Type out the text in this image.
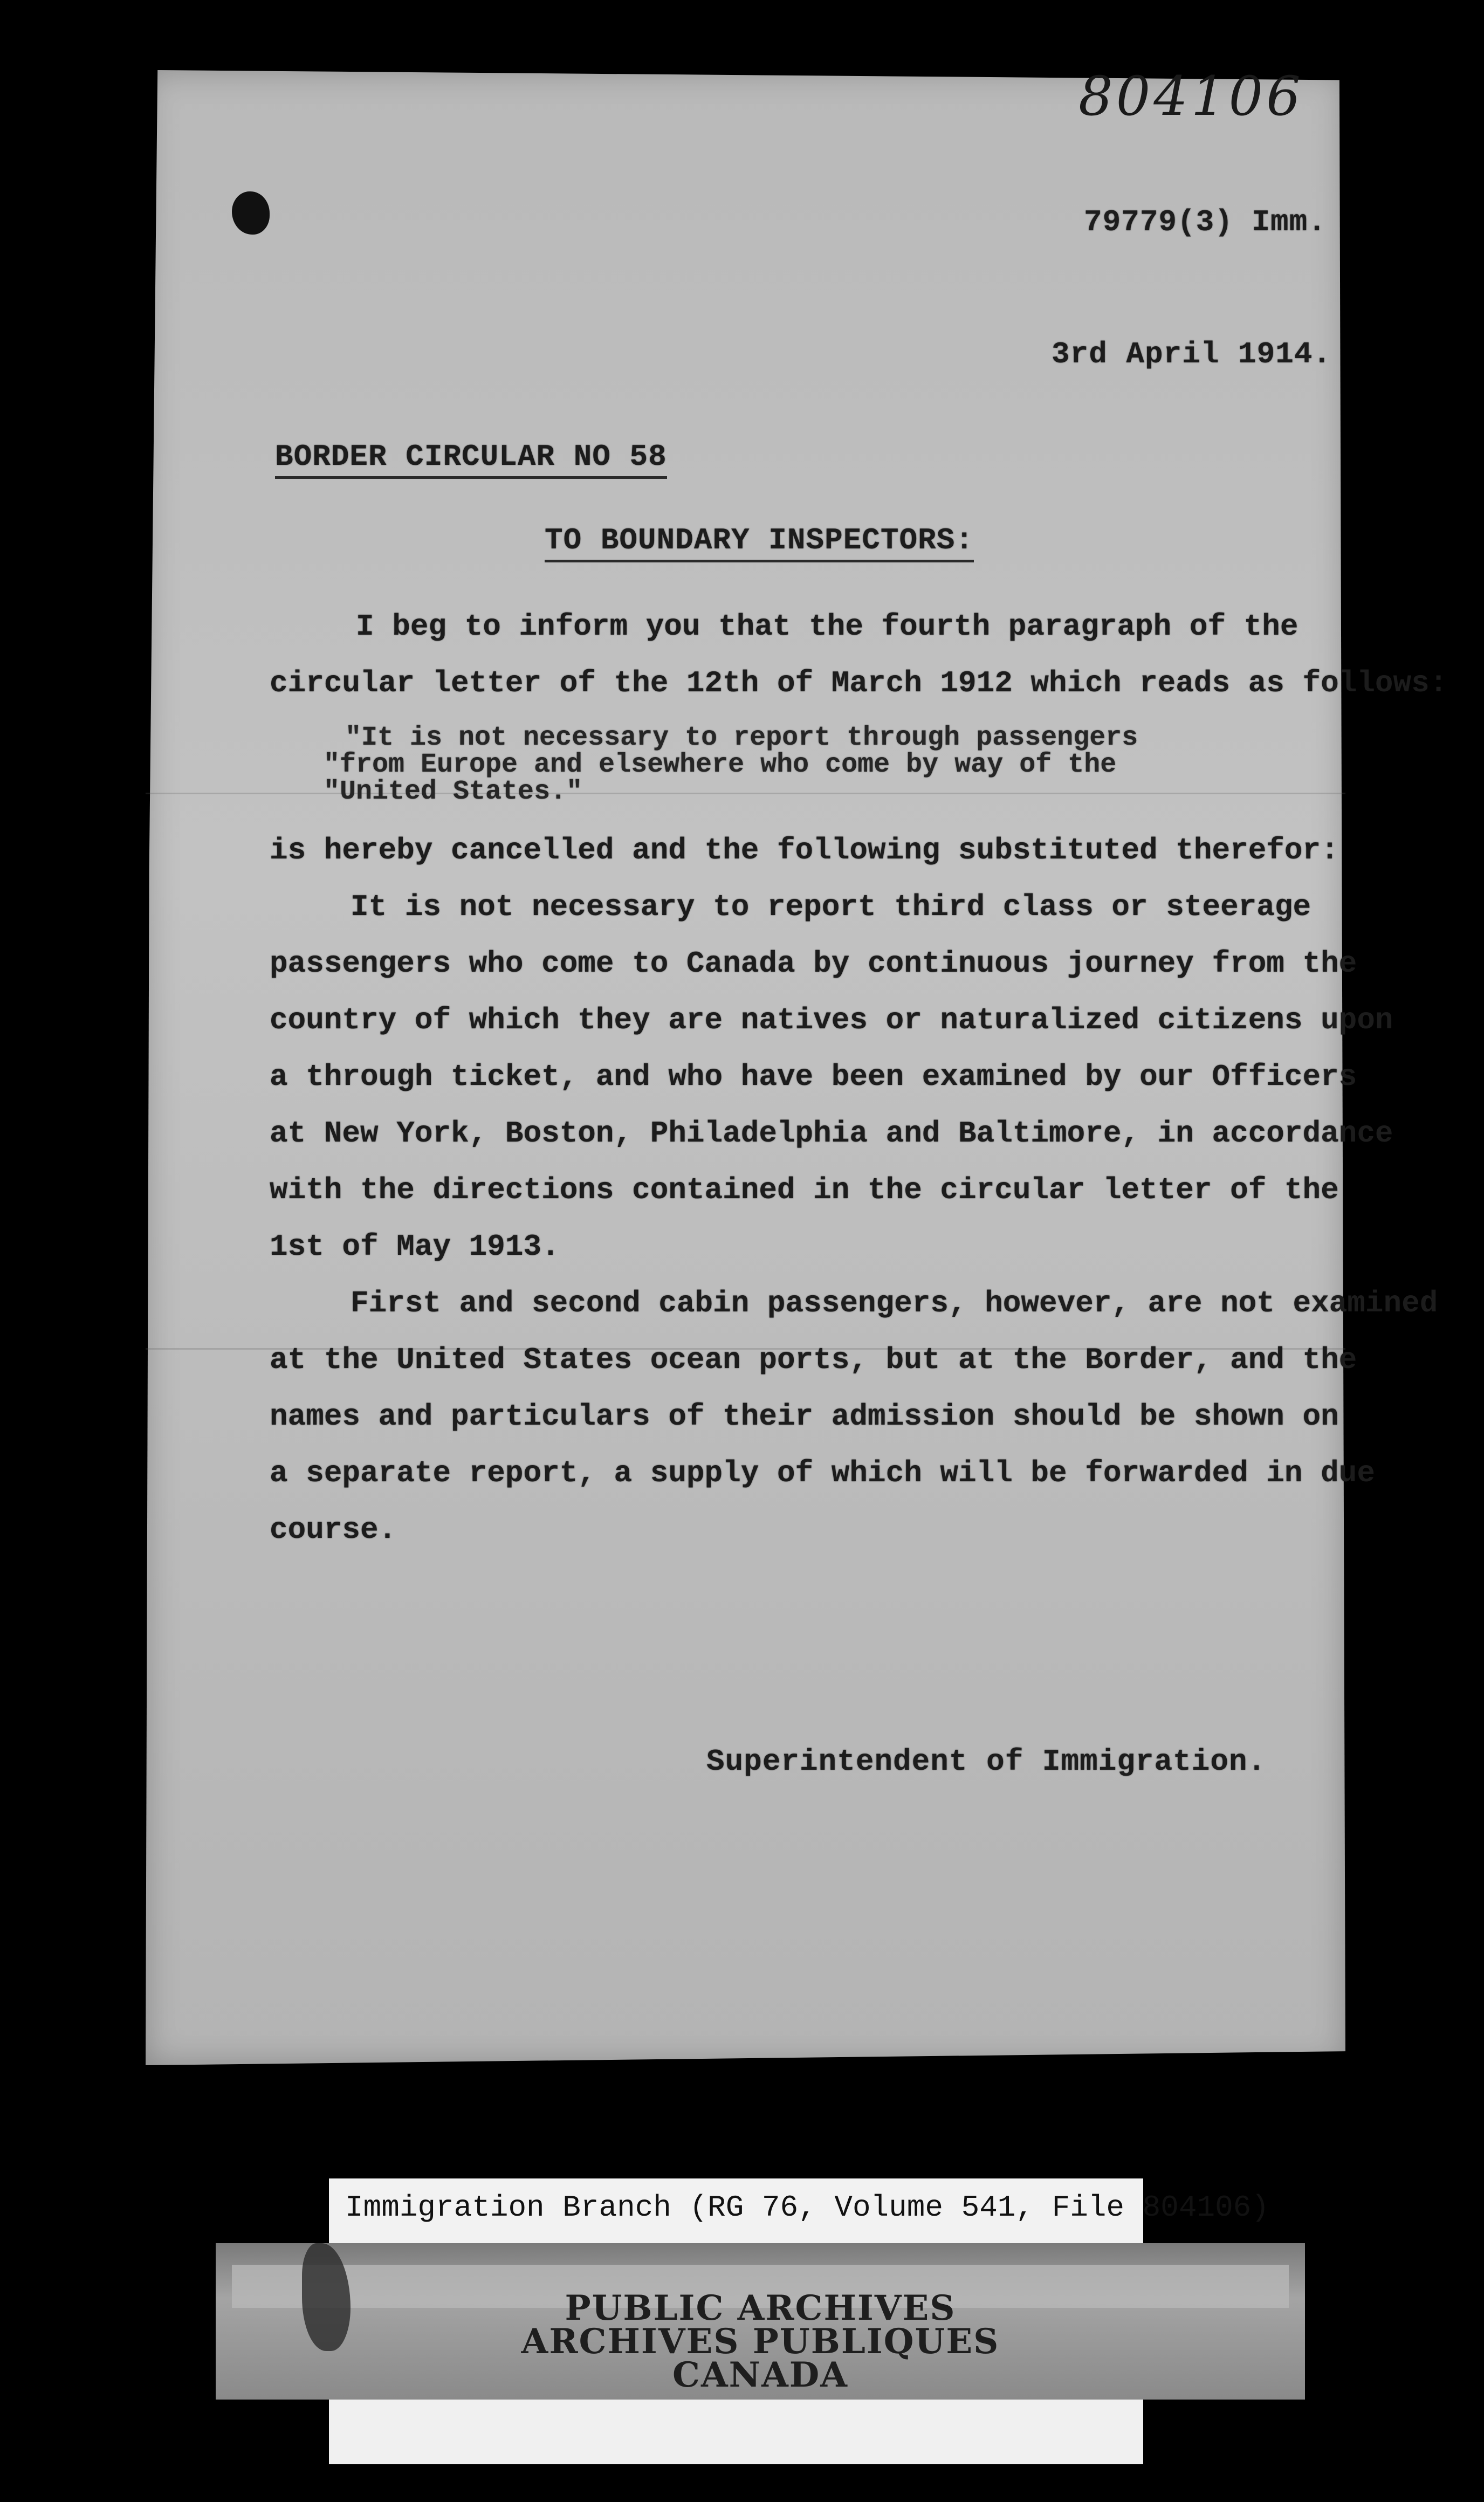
804106
79779(3) Imm.
3rd April 1914.
BORDER CIRCULAR NO 58
TO BOUNDARY INSPECTORS:
I beg to inform you that the fourth paragraph of the
circular letter of the 12th of March 1912 which reads as follows:
"It is not necessary to report through passengers
"from Europe and elsewhere who come by way of the
"United States."
is hereby cancelled and the following substituted therefor:
It is not necessary to report third class or steerage
passengers who come to Canada by continuous journey from the
country of which they are natives or naturalized citizens upon
a through ticket, and who have been examined by our Officers
at New York, Boston, Philadelphia and Baltimore, in accordance
with the directions contained in the circular letter of the
1st of May 1913.
First and second cabin passengers, however, are not examined
at the United States ocean ports, but at the Border, and the
names and particulars of their admission should be shown on
a separate report, a supply of which will be forwarded in due
course.
Superintendent of Immigration.
Immigration Branch (RG 76, Volume 541, File 804106)
PUBLIC ARCHIVES
ARCHIVES PUBLIQUES
CANADA
